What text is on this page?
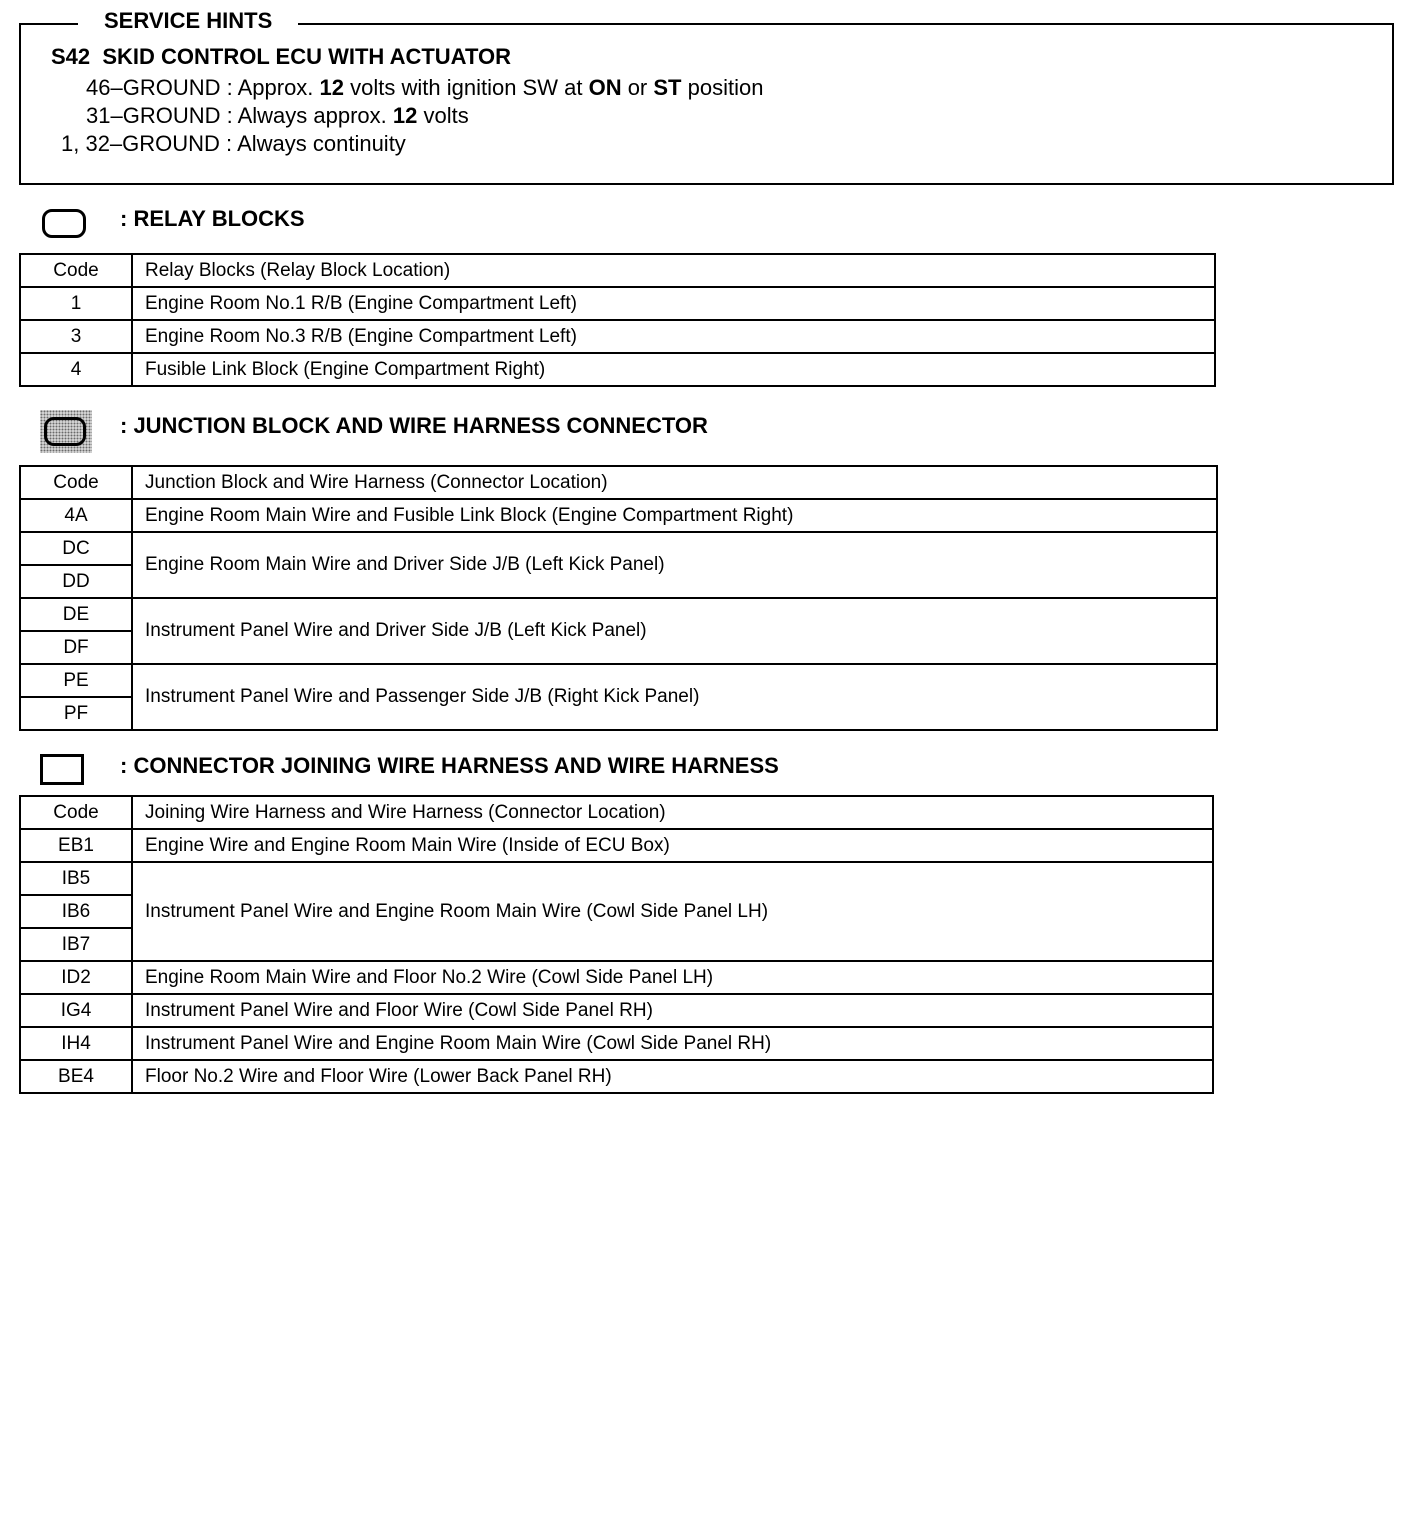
SERVICE HINTS
S42  SKID CONTROL ECU WITH ACTUATOR
46–GROUND : Approx. 12 volts with ignition SW at ON or ST position
31–GROUND : Always approx. 12 volts
1, 32–GROUND : Always continuity
: RELAY BLOCKS
Code	Relay Blocks (Relay Block Location)
1	Engine Room No.1 R/B (Engine Compartment Left)
3	Engine Room No.3 R/B (Engine Compartment Left)
4	Fusible Link Block (Engine Compartment Right)
: JUNCTION BLOCK AND WIRE HARNESS CONNECTOR
Code	Junction Block and Wire Harness (Connector Location)
4A	Engine Room Main Wire and Fusible Link Block (Engine Compartment Right)
DC	Engine Room Main Wire and Driver Side J/B (Left Kick Panel)
DD	
DE	Instrument Panel Wire and Driver Side J/B (Left Kick Panel)
DF	
PE	Instrument Panel Wire and Passenger Side J/B (Right Kick Panel)
PF	
: CONNECTOR JOINING WIRE HARNESS AND WIRE HARNESS
Code	Joining Wire Harness and Wire Harness (Connector Location)
EB1	Engine Wire and Engine Room Main Wire (Inside of ECU Box)
IB5	Instrument Panel Wire and Engine Room Main Wire (Cowl Side Panel LH)
IB6	
IB7	
ID2	Engine Room Main Wire and Floor No.2 Wire (Cowl Side Panel LH)
IG4	Instrument Panel Wire and Floor Wire (Cowl Side Panel RH)
IH4	Instrument Panel Wire and Engine Room Main Wire (Cowl Side Panel RH)
BE4	Floor No.2 Wire and Floor Wire (Lower Back Panel RH)
